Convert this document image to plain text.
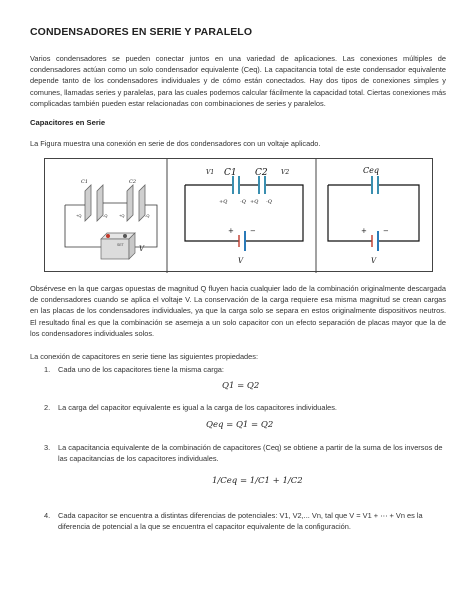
CONDENSADORES EN SERIE Y PARALELO
Varios condensadores se pueden conectar juntos en una variedad de aplicaciones. Las conexiones múltiples de condensadores actúan como un solo condensador equivalente (Ceq). La capacitancia total de este condensador equivalente depende tanto de los condensadores individuales y de cómo están conectados. Hay dos tipos de conexiones simples y comunes, llamadas series y paralelas, para las cuales podemos calcular fácilmente la capacidad total. Ciertas conexiones más complicadas también pueden estar relacionadas con combinaciones de series y paralelos.
Capacitores en Serie
La Figura muestra una conexión en serie de dos condensadores con un voltaje aplicado.
SET
C1	C2
+Q	-Q	+Q	-Q
V
V1 C1 C2 V2
+Q	-Q +Q -Q
+ −
V
Ceq
+ −
V
Obsérvese en la que cargas opuestas de magnitud Q fluyen hacia cualquier lado de la combinación originalmente descargada de condensadores cuando se aplica el voltaje V. La conservación de la carga requiere esa misma magnitud se crean cargas en las placas de los condensadores individuales, ya que la carga solo se separa en estos originalmente dispositivos neutros. El resultado final es que la combinación se asemeja a un solo capacitor con un efecto separación de placas mayor que la de los condensadores individuales solos.
La conexión de capacitores en serie tiene las siguientes propiedades:
1. Cada uno de los capacitores tiene la misma carga:
Q1 = Q2
2. La carga del capacitor equivalente es igual a la carga de los capacitores individuales.
Qeq = Q1 = Q2
3. La capacitancia equivalente de la combinación de capacitores (Ceq) se obtiene a partir de la suma de los inversos de las capacitancias de los capacitores individuales.
1/Ceq = 1/C1 + 1/C2
4. Cada capacitor se encuentra a distintas diferencias de potenciales: V1, V2,... Vn, tal que V = V1 + ⋯ + Vn es la diferencia de potencial a la que se encuentra el capacitor equivalente de la configuración.
